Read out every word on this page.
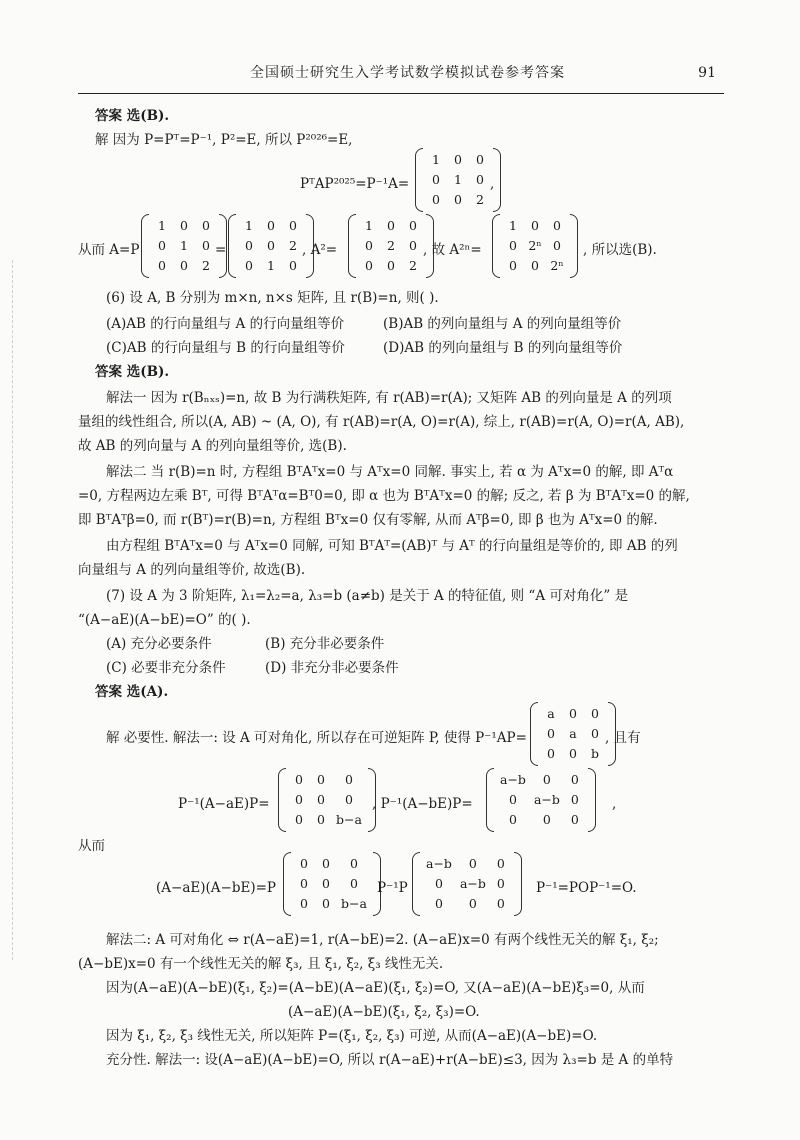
全国硕士研究生入学考试数学模拟试卷参考答案	91
答案 选(B).
解 因为 P=Pᵀ=P⁻¹, P²=E, 所以 P²⁰²⁶=E,
PᵀAP²⁰²⁵=P⁻¹A=
1	0	0
0	1	0
0	0	2
,
从而 A=P
1	0	0
0	1	0
0	0	2
=
1	0	0
0	0	2
0	1	0
, A²=
1	0	0
0	2	0
0	0	2
, 故 A²ⁿ=
1	0	0
0	2ⁿ	0
0	0	2ⁿ
, 所以选(B).
(6) 设 A, B 分别为 m×n, n×s 矩阵, 且 r(B)=n, 则( ).
(A)AB 的行向量组与 A 的行向量组等价	(B)AB 的列向量组与 A 的列向量组等价
(C)AB 的行向量组与 B 的行向量组等价	(D)AB 的列向量组与 B 的列向量组等价
答案 选(B).
解法一 因为 r(Bₙₓₛ)=n, 故 B 为行满秩矩阵, 有 r(AB)=r(A); 又矩阵 AB 的列向量是 A 的列项
量组的线性组合, 所以(A, AB) ~ (A, O), 有 r(AB)=r(A, O)=r(A), 综上, r(AB)=r(A, O)=r(A, AB),
故 AB 的列向量与 A 的列向量组等价, 选(B).
解法二 当 r(B)=n 时, 方程组 BᵀAᵀx=0 与 Aᵀx=0 同解. 事实上, 若 α 为 Aᵀx=0 的解, 即 Aᵀα
=0, 方程两边左乘 Bᵀ, 可得 BᵀAᵀα=Bᵀ0=0, 即 α 也为 BᵀAᵀx=0 的解; 反之, 若 β 为 BᵀAᵀx=0 的解,
即 BᵀAᵀβ=0, 而 r(Bᵀ)=r(B)=n, 方程组 Bᵀx=0 仅有零解, 从而 Aᵀβ=0, 即 β 也为 Aᵀx=0 的解.
由方程组 BᵀAᵀx=0 与 Aᵀx=0 同解, 可知 BᵀAᵀ=(AB)ᵀ 与 Aᵀ 的行向量组是等价的, 即 AB 的列
向量组与 A 的列向量组等价, 故选(B).
(7) 设 A 为 3 阶矩阵, λ₁=λ₂=a, λ₃=b (a≠b) 是关于 A 的特征值, 则 “A 可对角化” 是
“(A−aE)(A−bE)=O” 的( ).
(A) 充分必要条件	(B) 充分非必要条件
(C) 必要非充分条件	(D) 非充分非必要条件
答案 选(A).
解 必要性. 解法一: 设 A 可对角化, 所以存在可逆矩阵 P, 使得 P⁻¹AP=
a	0	0
0	a	0
0	0	b
, 且有
P⁻¹(A−aE)P=
0	0	0
0	0	0
0	0	b−a
, P⁻¹(A−bE)P=
a−b	0	0
0	a−b	0
0	0	0
,
从而
(A−aE)(A−bE)=P
0	0	0
0	0	0
0	0	b−a
P⁻¹P
a−b	0	0
0	a−b	0
0	0	0
P⁻¹=POP⁻¹=O.
解法二: A 可对角化 ⇔ r(A−aE)=1, r(A−bE)=2. (A−aE)x=0 有两个线性无关的解 ξ₁, ξ₂;
(A−bE)x=0 有一个线性无关的解 ξ₃, 且 ξ₁, ξ₂, ξ₃ 线性无关.
因为(A−aE)(A−bE)(ξ₁, ξ₂)=(A−bE)(A−aE)(ξ₁, ξ₂)=O, 又(A−aE)(A−bE)ξ₃=0, 从而
(A−aE)(A−bE)(ξ₁, ξ₂, ξ₃)=O.
因为 ξ₁, ξ₂, ξ₃ 线性无关, 所以矩阵 P=(ξ₁, ξ₂, ξ₃) 可逆, 从而(A−aE)(A−bE)=O.
充分性. 解法一: 设(A−aE)(A−bE)=O, 所以 r(A−aE)+r(A−bE)≤3, 因为 λ₃=b 是 A 的单特
